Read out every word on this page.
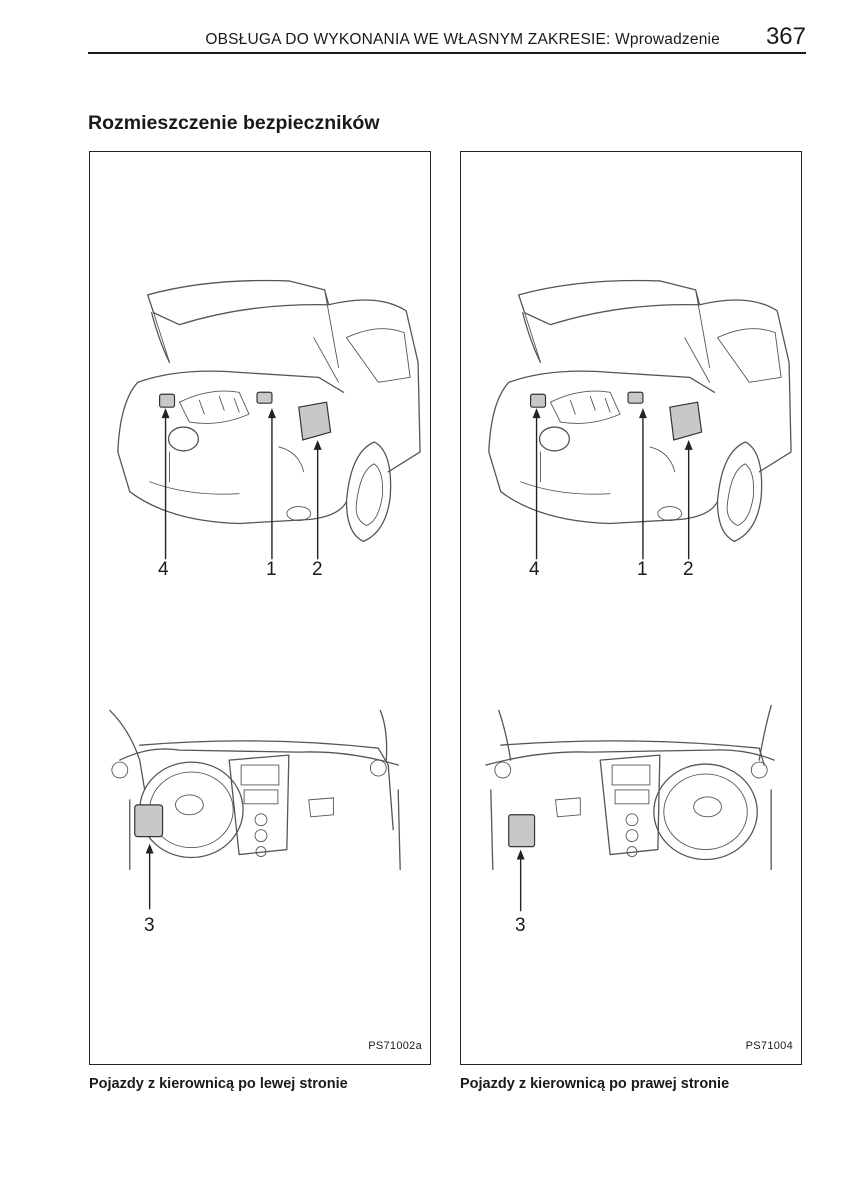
OBSŁUGA DO WYKONANIA WE WŁASNYM ZAKRESIE: Wprowadzenie 367
Rozmieszczenie bezpieczników
4	1 2
3
PS71002a
4	1 2
3
PS71004
Pojazdy z kierownicą po lewej stronie	Pojazdy z kierownicą po prawej stronie
